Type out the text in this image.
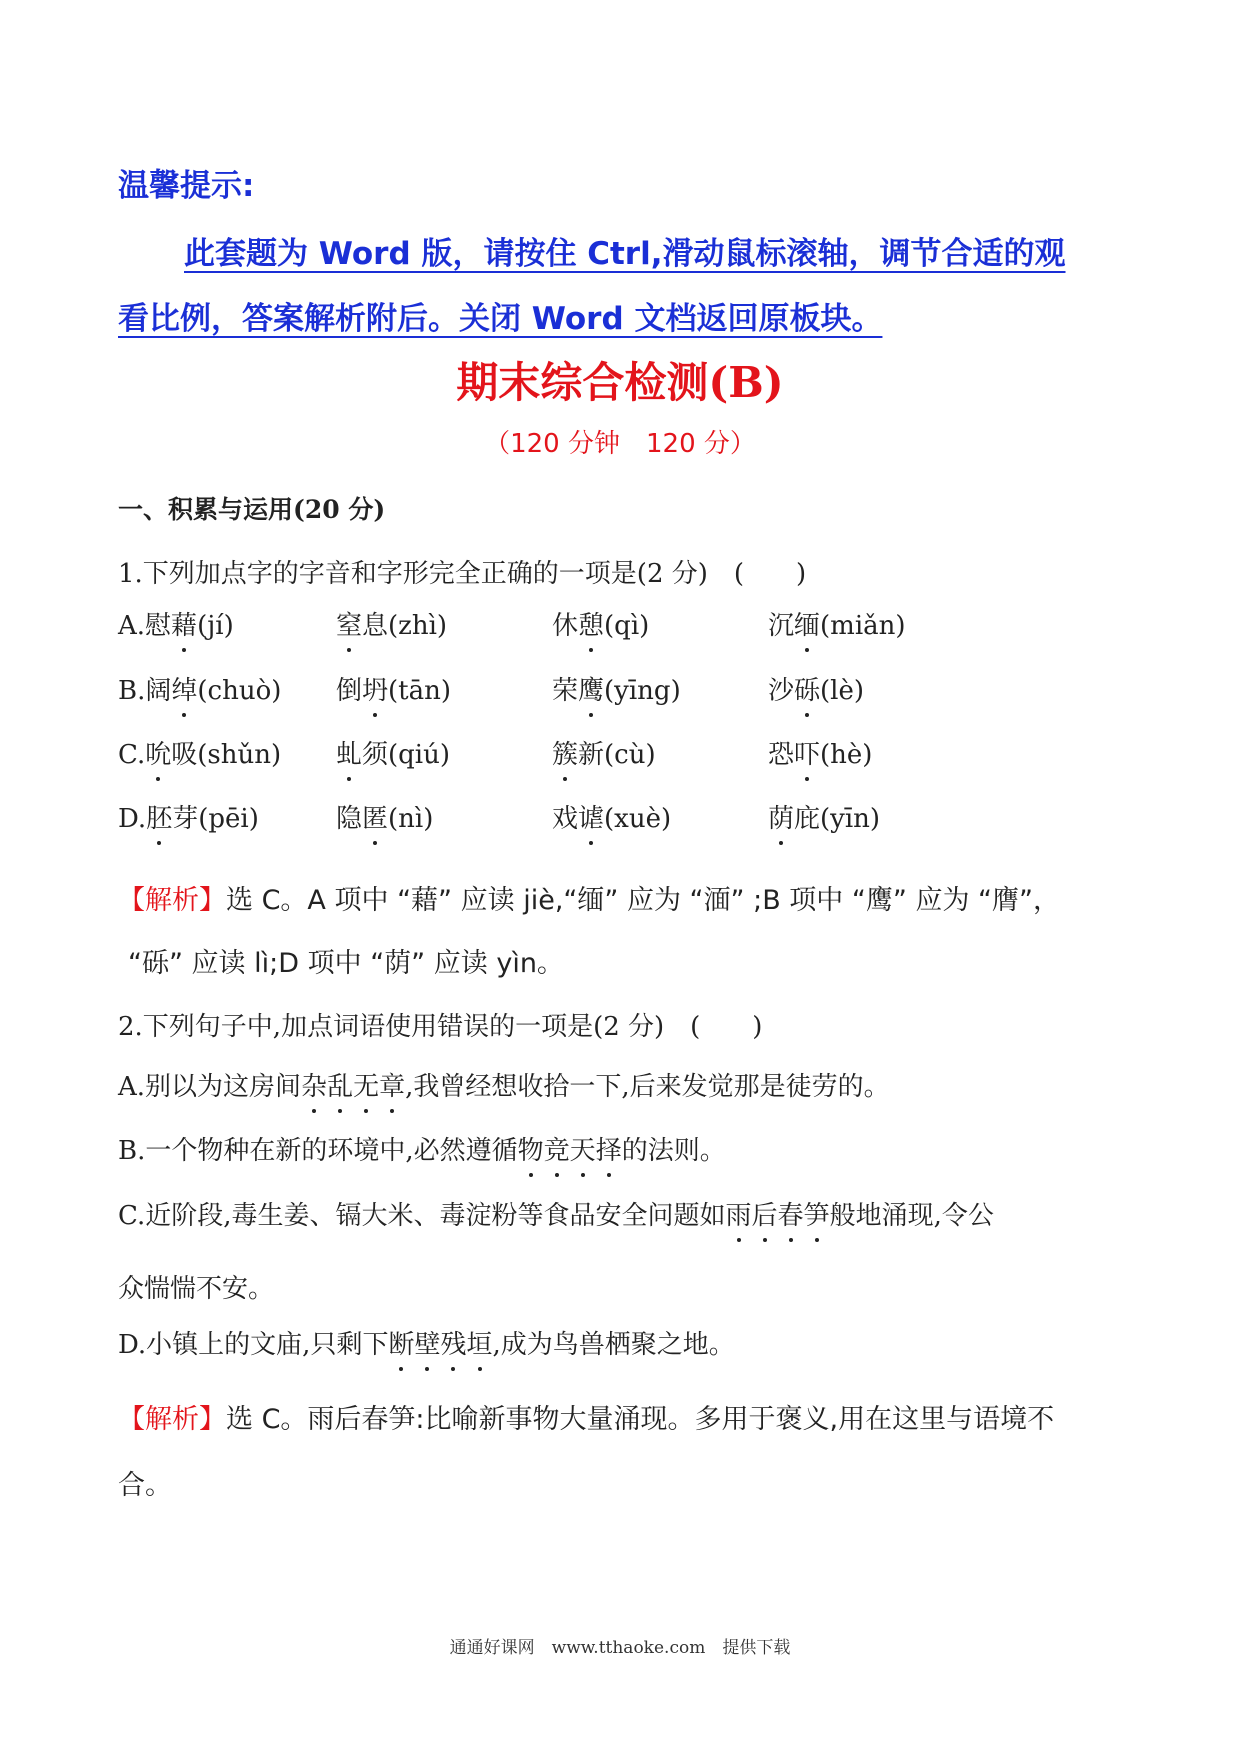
温馨提示:
此套题为 Word 版，请按住 Ctrl,滑动鼠标滚轴，调节合适的观
看比例，答案解析附后。关闭 Word 文档返回原板块。
期末综合检测(B)
（120 分钟　120 分）
一、积累与运用(20 分)
1.下列加点字的字音和字形完全正确的一项是(2 分)　(　　)
A.慰藉(jí)	窒息(zhì)	休憩(qì)	沉缅(miǎn)
B.阔绰(chuò) 倒坍(tān)	荣鹰(yīng)	沙砾(lè)
C.吮吸(shǔn) 虬须(qiú)	簇新(cù)	恐吓(hè)
D.胚芽(pēi)	隐匿(nì)	戏谑(xuè)	荫庇(yīn)
【解析】选 C。A 项中 “藉” 应读 jiè,“缅” 应为 “湎” ;B 项中 “鹰” 应为 “膺”，
“砾” 应读 lì;D 项中 “荫” 应读 yìn。
2.下列句子中,加点词语使用错误的一项是(2 分)　(　　)
A.别以为这房间杂乱无章,我曾经想收拾一下,后来发觉那是徒劳的。
B.一个物种在新的环境中,必然遵循物竞天择的法则。
C.近阶段,毒生姜、镉大米、毒淀粉等食品安全问题如雨后春笋般地涌现,令公
众惴惴不安。
D.小镇上的文庙,只剩下断壁残垣,成为鸟兽栖聚之地。
【解析】选 C。雨后春笋:比喻新事物大量涌现。多用于褒义,用在这里与语境不
合。
通通好课网　www.tthaoke.com　提供下载
